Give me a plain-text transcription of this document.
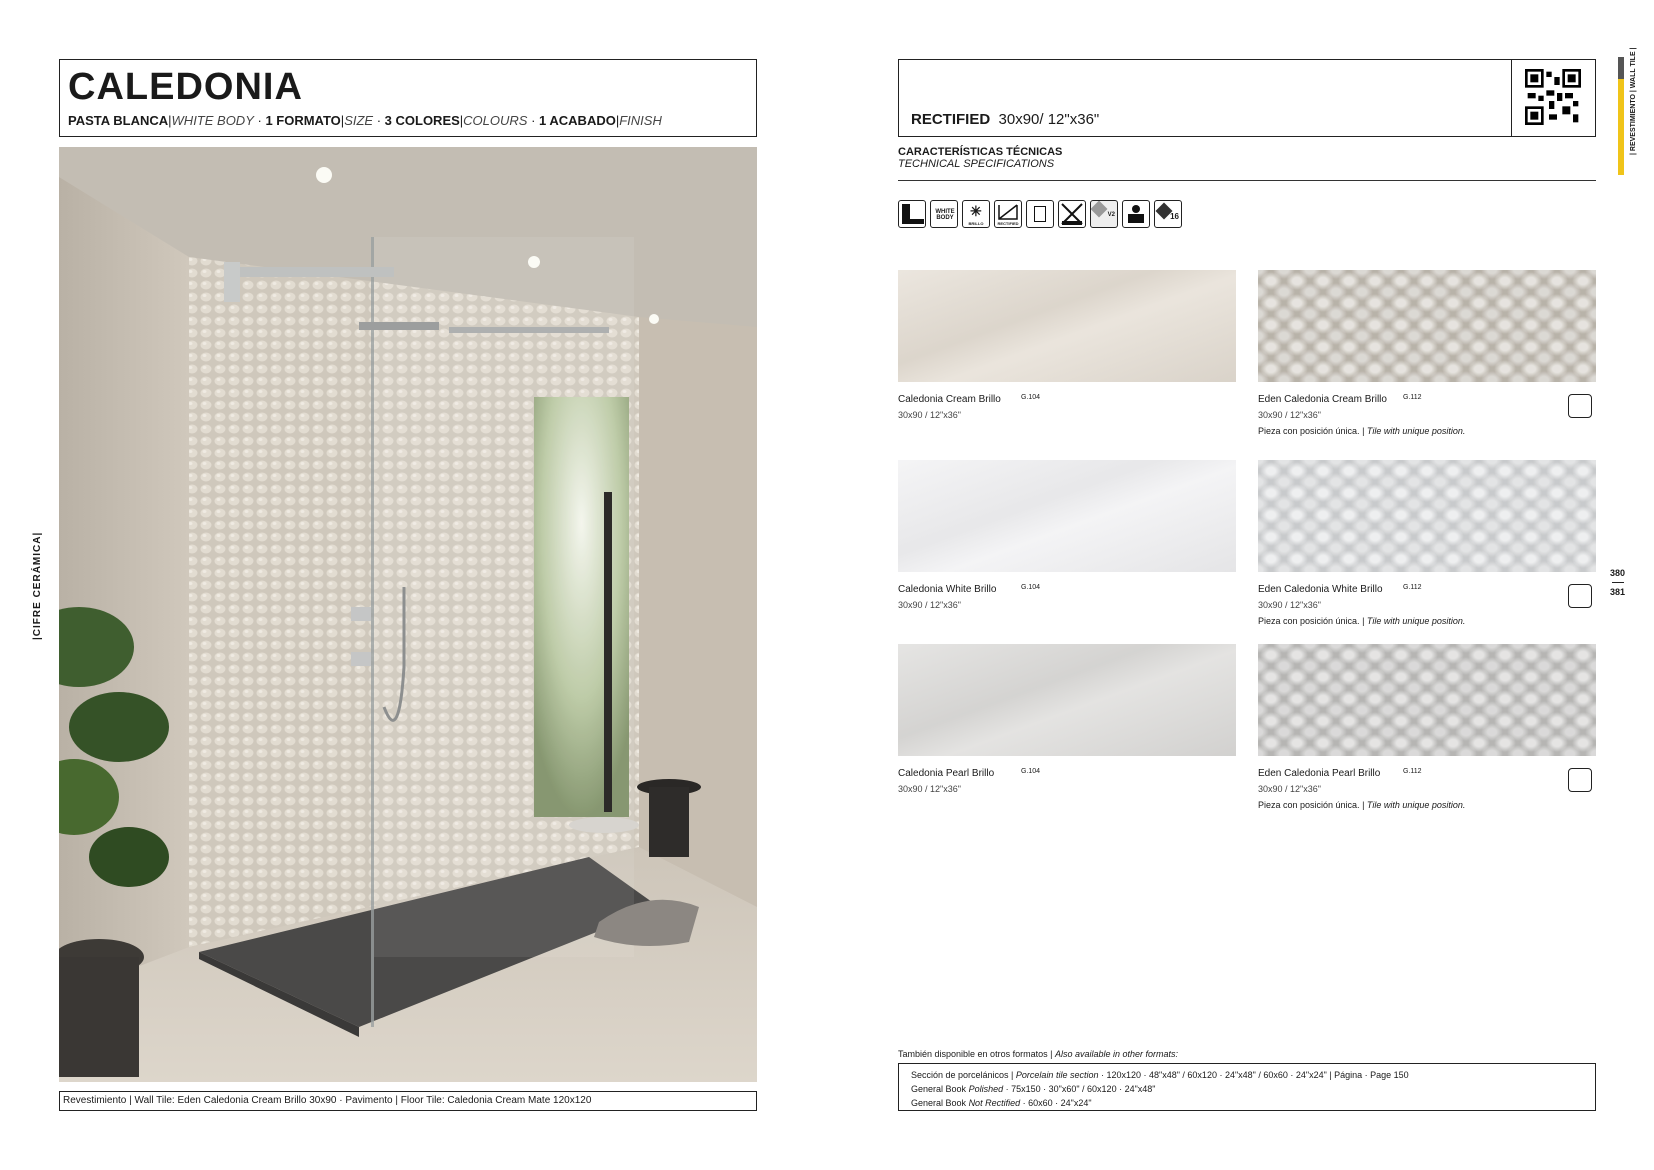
CALEDONIA
PASTA BLANCA|WHITE BODY · 1 FORMATO|SIZE · 3 COLORES|COLOURS · 1 ACABADO|FINISH
|CIFRE CERÁMICA|
Revestimiento | Wall Tile: Eden Caledonia Cream Brillo 30x90 · Pavimento | Floor Tile: Caledonia Cream Mate 120x120
RECTIFIED 30x90/ 12"x36"
CARACTERÍSTICAS TÉCNICAS
TECHNICAL SPECIFICATIONS
WALL
WHITE BODY ✳
BRILLO	RECTIFIED
V2	16
Caledonia Cream Brillo	G.104
30x90 / 12"x36"
Eden Caledonia Cream Brillo G.112
30x90 / 12"x36"
Pieza con posición única. | Tile with unique position.
Caledonia White Brillo	G.104
30x90 / 12"x36"
Eden Caledonia White Brillo	G.112
30x90 / 12"x36"
Pieza con posición única. | Tile with unique position.
Caledonia Pearl Brillo	G.104
30x90 / 12"x36"
Eden Caledonia Pearl Brillo	G.112
30x90 / 12"x36"
Pieza con posición única. | Tile with unique position.
| REVESTIMIENTO | WALL TILE |
380
381
También disponible en otros formatos | Also available in other formats:
Sección de porcelánicos | Porcelain tile section · 120x120 · 48"x48" / 60x120 · 24"x48" / 60x60 · 24"x24" | Página · Page 150
General Book Polished · 75x150 · 30"x60" / 60x120 · 24"x48"
General Book Not Rectified · 60x60 · 24"x24"
